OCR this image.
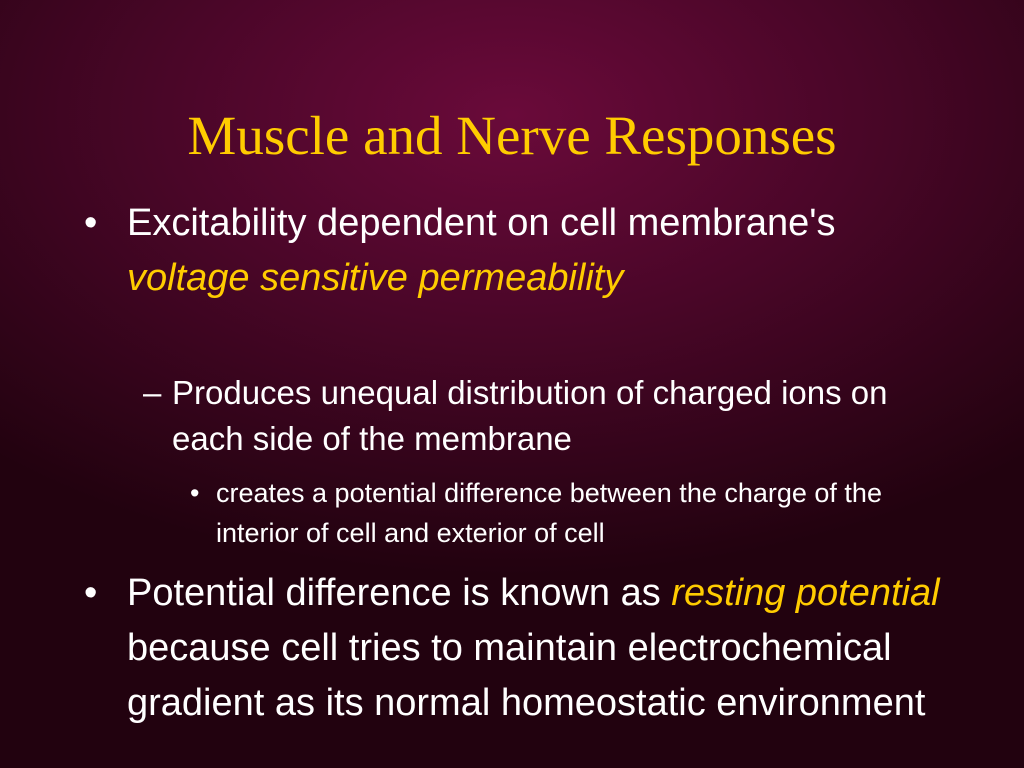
Muscle and Nerve Responses
• Excitability dependent on cell membrane's voltage sensitive permeability
– Produces unequal distribution of charged ions on each side of the membrane
• creates a potential difference between the charge of the interior of cell and exterior of cell
• Potential difference is known as resting potential because cell tries to maintain electrochemical gradient as its normal homeostatic environment
